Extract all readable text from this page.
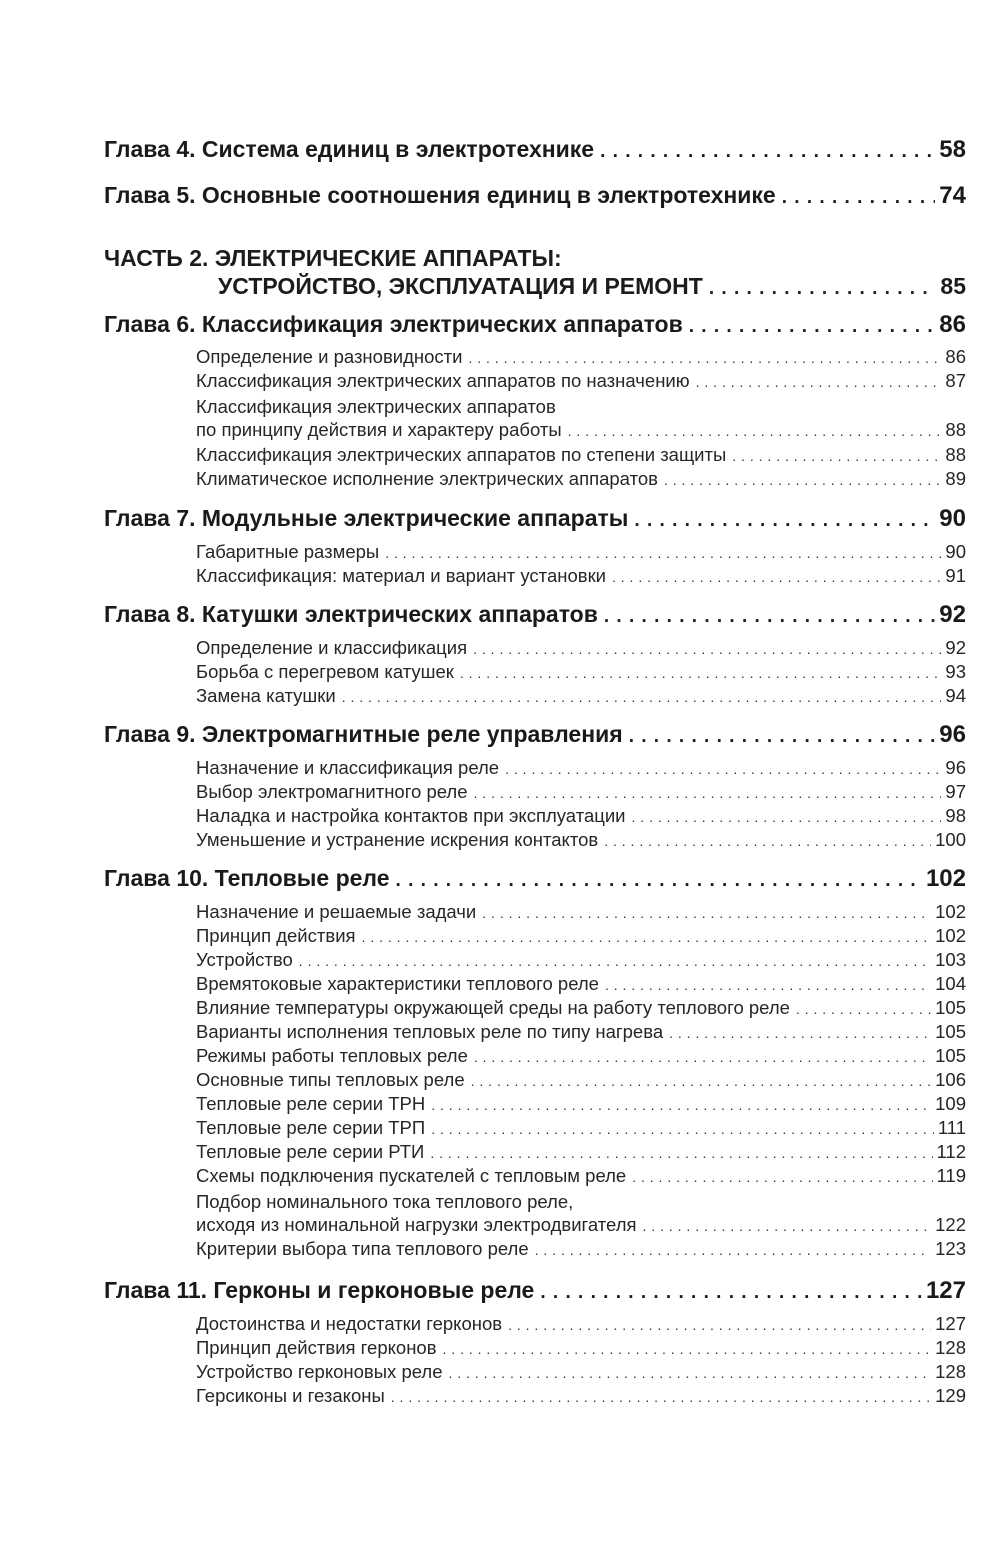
Глава 4. Система единиц в электротехнике . . .	58
Глава 5. Основные соотношения единиц в электротехнике . . .	74
ЧАСТЬ 2. ЭЛЕКТРИЧЕСКИЕ АППАРАТЫ:
УСТРОЙСТВО, ЭКСПЛУАТАЦИЯ И РЕМОНТ . . .	85
Глава 6. Классификация электрических аппаратов . . .	86
Определение и разновидности . . .	86
Классификация электрических аппаратов по назначению . . .	87
Классификация электрических аппаратов
по принципу действия и характеру работы . . .	88
Классификация электрических аппаратов по степени защиты . . .	88
Климатическое исполнение электрических аппаратов . . .	89
Глава 7. Модульные электрические аппараты . . .	90
Габаритные размеры . . .	90
Классификация: материал и вариант установки . . .	91
Глава 8. Катушки электрических аппаратов . . .	92
Определение и классификация . . .	92
Борьба с перегревом катушек . . .	93
Замена катушки . . .	94
Глава 9. Электромагнитные реле управления . . .	96
Назначение и классификация реле . . .	96
Выбор электромагнитного реле . . .	97
Наладка и настройка контактов при эксплуатации . . .	98
Уменьшение и устранение искрения контактов . . .	100
Глава 10. Тепловые реле . . .	102
Назначение и решаемые задачи . . .	102
Принцип действия . . .	102
Устройство . . .	103
Времятоковые характеристики теплового реле . . .	104
Влияние температуры окружающей среды на работу теплового реле . . .	105
Варианты исполнения тепловых реле по типу нагрева . . .	105
Режимы работы тепловых реле . . .	105
Основные типы тепловых реле . . .	106
Тепловые реле серии ТРН . . .	109
Тепловые реле серии ТРП . . .	111
Тепловые реле серии РТИ . . .	112
Схемы подключения пускателей с тепловым реле . . .	119
Подбор номинального тока теплового реле,
исходя из номинальной нагрузки электродвигателя . . .	122
Критерии выбора типа теплового реле . . .	123
Глава 11. Герконы и герконовые реле . . .	127
Достоинства и недостатки герконов . . .	127
Принцип действия герконов . . .	128
Устройство герконовых реле . . .	128
Герсиконы и гезаконы . . .	129
